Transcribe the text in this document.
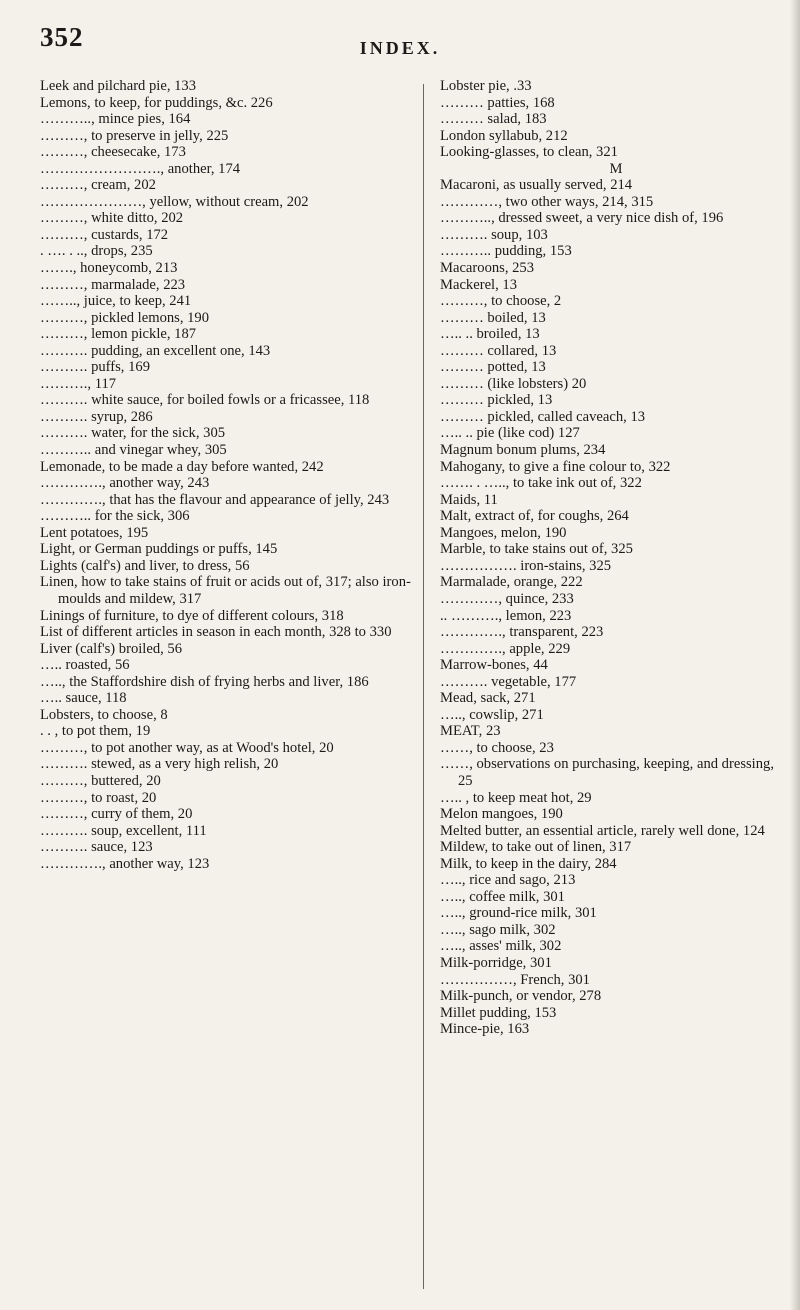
352	INDEX.
Leek and pilchard pie, 133
Lemons, to keep, for puddings, &c. 226
……….., mince pies, 164
………, to preserve in jelly, 225
………, cheesecake, 173
……………………., another, 174
………, cream, 202
…………………, yellow, without cream, 202
………, white ditto, 202
………, custards, 172
. …. . .., drops, 235
……., honeycomb, 213
………, marmalade, 223
…….., juice, to keep, 241
………, pickled lemons, 190
………, lemon pickle, 187
………. pudding, an excellent one, 143
………. puffs, 169
………., 117
………. white sauce, for boiled fowls or a fricassee, 118
………. syrup, 286
………. water, for the sick, 305
……….. and vinegar whey, 305
Lemonade, to be made a day before wanted, 242
…………., another way, 243
…………., that has the flavour and appearance of jelly, 243
……….. for the sick, 306
Lent potatoes, 195
Light, or German puddings or puffs, 145
Lights (calf's) and liver, to dress, 56
Linen, how to take stains of fruit or acids out of, 317; also iron-moulds and mildew, 317
Linings of furniture, to dye of different colours, 318
List of different articles in season in each month, 328 to 330
Liver (calf's) broiled, 56
….. roasted, 56
….., the Staffordshire dish of frying herbs and liver, 186
….. sauce, 118
Lobsters, to choose, 8
. . , to pot them, 19
………, to pot another way, as at Wood's hotel, 20
………. stewed, as a very high relish, 20
………, buttered, 20
………, to roast, 20
………, curry of them, 20
………. soup, excellent, 111
………. sauce, 123
…………., another way, 123
Lobster pie, .33
……… patties, 168
……… salad, 183
London syllabub, 212
Looking-glasses, to clean, 321
M
Macaroni, as usually served, 214
…………, two other ways, 214, 315
……….., dressed sweet, a very nice dish of, 196
………. soup, 103
……….. pudding, 153
Macaroons, 253
Mackerel, 13
………, to choose, 2
……… boiled, 13
….. .. broiled, 13
……… collared, 13
……… potted, 13
……… (like lobsters) 20
……… pickled, 13
……… pickled, called caveach, 13
….. .. pie (like cod) 127
Magnum bonum plums, 234
Mahogany, to give a fine colour to, 322
……. . ….., to take ink out of, 322
Maids, 11
Malt, extract of, for coughs, 264
Mangoes, melon, 190
Marble, to take stains out of, 325
……………. iron-stains, 325
Marmalade, orange, 222
…………, quince, 233
.. ………., lemon, 223
…………., transparent, 223
…………., apple, 229
Marrow-bones, 44
………. vegetable, 177
Mead, sack, 271
….., cowslip, 271
MEAT, 23
……, to choose, 23
……, observations on purchasing, keeping, and dressing, 25
….. , to keep meat hot, 29
Melon mangoes, 190
Melted butter, an essential article, rarely well done, 124
Mildew, to take out of linen, 317
Milk, to keep in the dairy, 284
….., rice and sago, 213
….., coffee milk, 301
….., ground-rice milk, 301
….., sago milk, 302
….., asses' milk, 302
Milk-porridge, 301
……………, French, 301
Milk-punch, or vendor, 278
Millet pudding, 153
Mince-pie, 163
